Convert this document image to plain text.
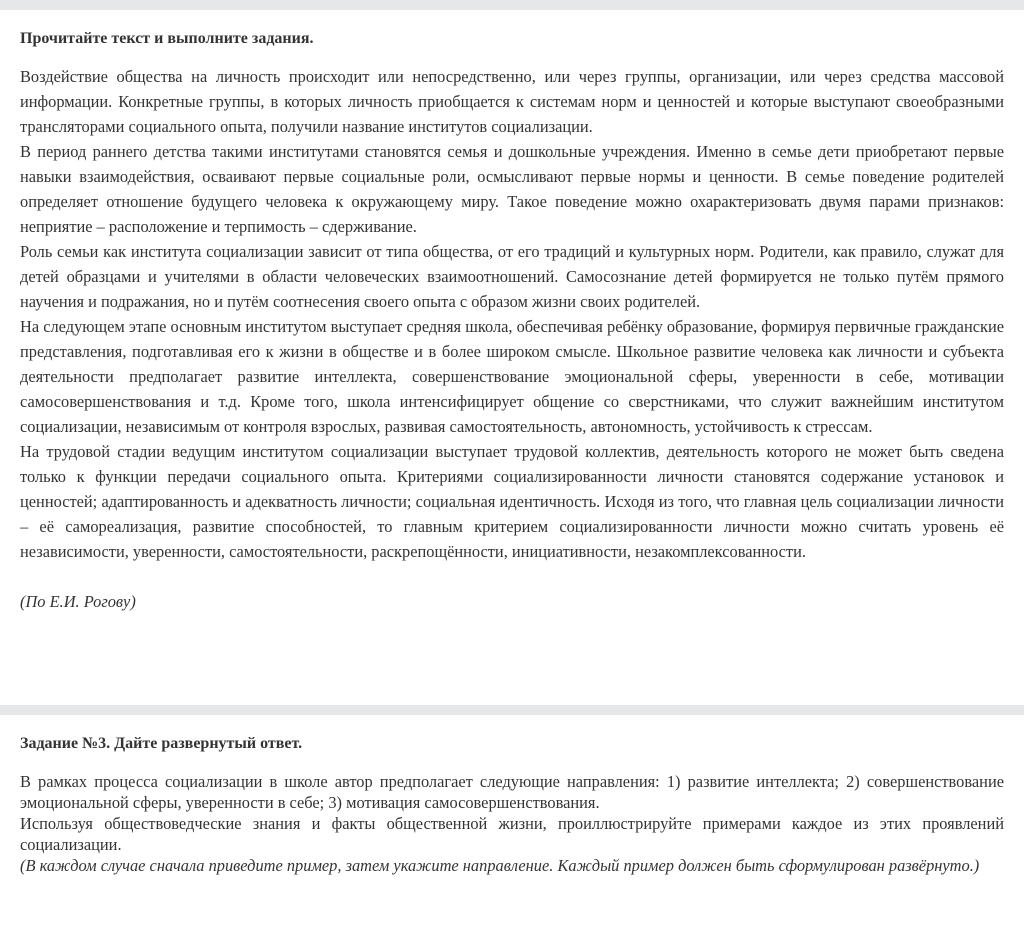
Прочитайте текст и выполните задания.

Воздействие общества на личность происходит или непосредственно, или через группы, организации, или через средства массовой информации. Конкретные группы, в которых личность приобщается к системам норм и ценностей и которые выступают своеобразными трансляторами социального опыта, получили название институтов социализации.

В период раннего детства такими институтами становятся семья и дошкольные учреждения. Именно в семье дети приобретают первые навыки взаимодействия, осваивают первые социальные роли, осмысливают первые нормы и ценности. В семье поведение родителей определяет отношение будущего человека к окружающему миру. Такое поведение можно охарактеризовать двумя парами признаков: неприятие – расположение и терпимость – сдерживание.

Роль семьи как института социализации зависит от типа общества, от его традиций и культурных норм. Родители, как правило, служат для детей образцами и учителями в области человеческих взаимоотношений. Самосознание детей формируется не только путём прямого научения и подражания, но и путём соотнесения своего опыта с образом жизни своих родителей.

На следующем этапе основным институтом выступает средняя школа, обеспечивая ребёнку образование, формируя первичные гражданские представления, подготавливая его к жизни в обществе и в более широком смысле. Школьное развитие человека как личности и субъекта деятельности предполагает развитие интеллекта, совершенствование эмоциональной сферы, уверенности в себе, мотивации самосовершенствования и т.д. Кроме того, школа интенсифицирует общение со сверстниками, что служит важнейшим институтом социализации, независимым от контроля взрослых, развивая самостоятельность, автономность, устойчивость к стрессам.

На трудовой стадии ведущим институтом социализации выступает трудовой коллектив, деятельность которого не может быть сведена только к функции передачи социального опыта. Критериями социализированности личности становятся содержание установок и ценностей; адаптированность и адекватность личности; социальная идентичность. Исходя из того, что главная цель социализации личности – её самореализация, развитие способностей, то главным критерием социализированности личности можно считать уровень её независимости, уверенности, самостоятельности, раскрепощённости, инициативности, незакомплексованности.

(По Е.И. Рогову)
Задание №3. Дайте развернутый ответ.

В рамках процесса социализации в школе автор предполагает следующие направления: 1) развитие интеллекта; 2) совершенствование эмоциональной сферы, уверенности в себе; 3) мотивация самосовершенствования.

Используя обществоведческие знания и факты общественной жизни, проиллюстрируйте примерами каждое из этих проявлений социализации.

(В каждом случае сначала приведите пример, затем укажите направление. Каждый пример должен быть сформулирован развёрнуто.)
